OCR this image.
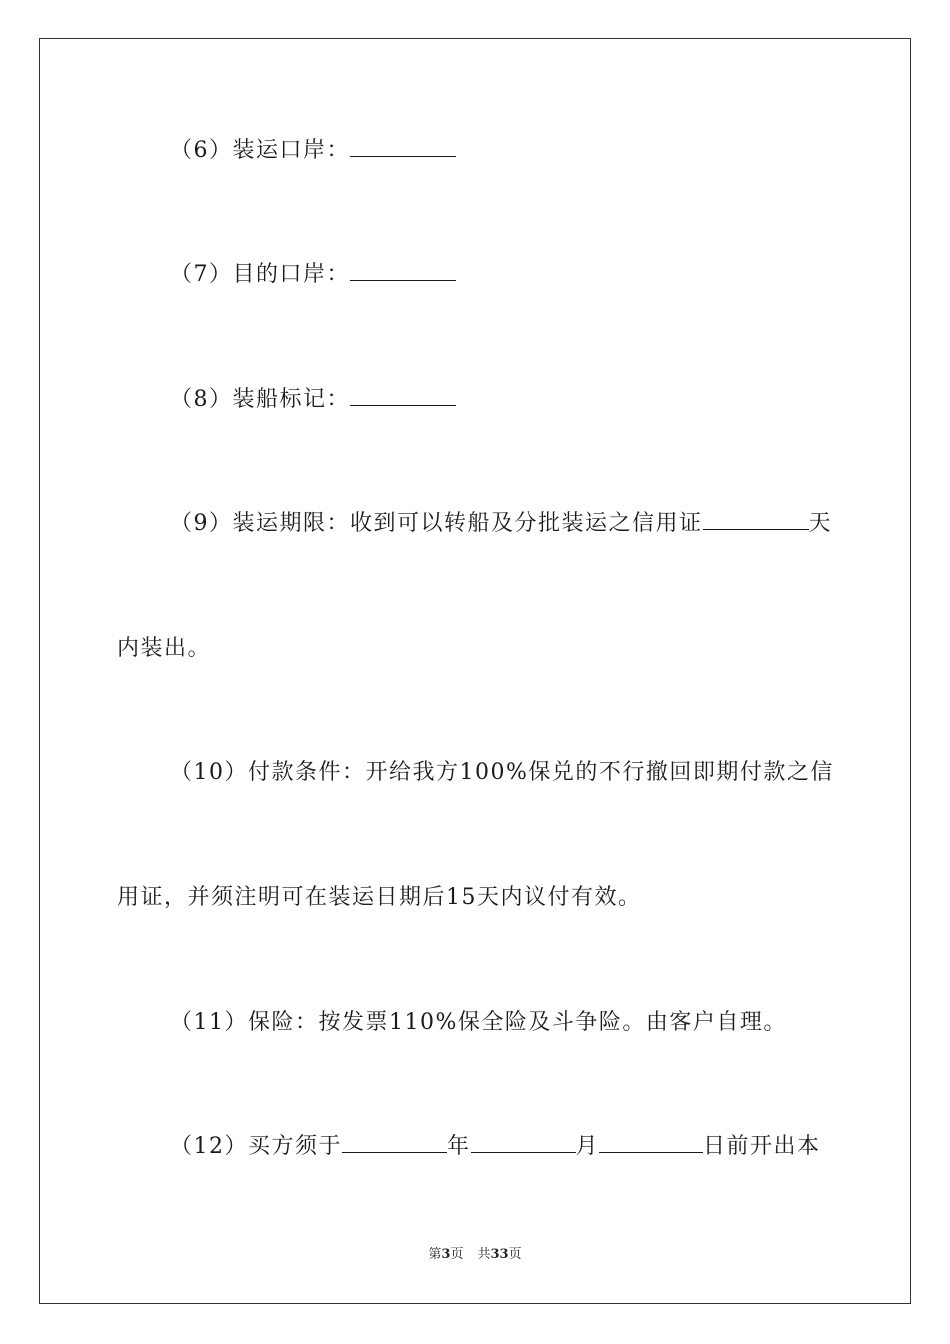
（6）装运口岸：
（7）目的口岸：
（8）装船标记：
（9）装运期限：收到可以转船及分批装运之信用证	天
内装出。
（10）付款条件：开给我方100%保兑的不行撤回即期付款之信
用证，并须注明可在装运日期后15天内议付有效。
（11）保险：按发票110%保全险及斗争险。由客户自理。
（12）买方须于	年	月	日前开出本
第3页 共33页
